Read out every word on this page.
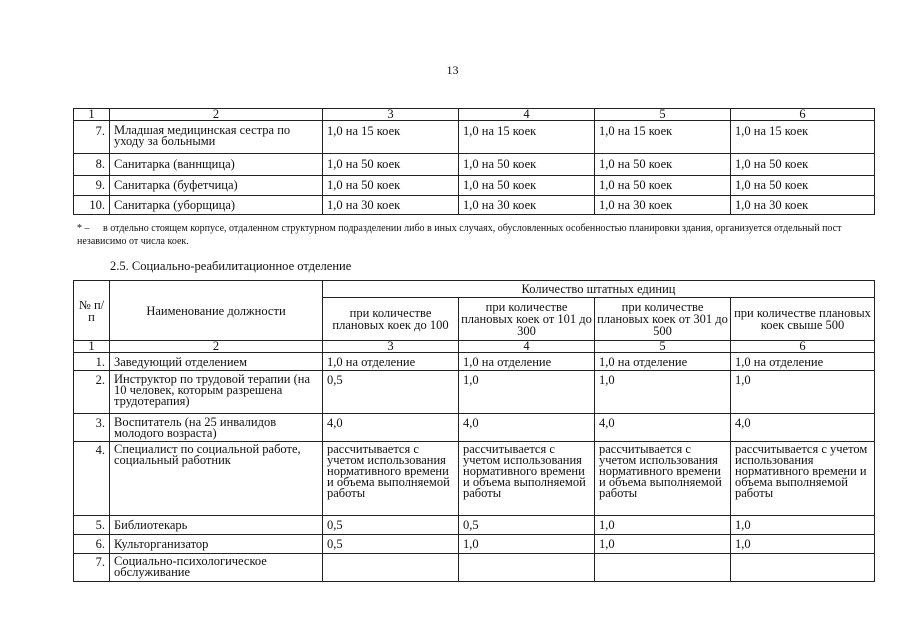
13
1	2	3	4	5	6
7.	Младшая медицинская сестра по уходу за больными	1,0 на 15 коек	1,0 на 15 коек	1,0 на 15 коек	1,0 на 15 коек
8.	Санитарка (ваннщица)	1,0 на 50 коек	1,0 на 50 коек	1,0 на 50 коек	1,0 на 50 коек
9.	Санитарка (буфетчица)	1,0 на 50 коек	1,0 на 50 коек	1,0 на 50 коек	1,0 на 50 коек
10.	Санитарка (уборщица)	1,0 на 30 коек	1,0 на 30 коек	1,0 на 30 коек	1,0 на 30 коек
* – в отдельно стоящем корпусе, отдаленном структурном подразделении либо в иных случаях, обусловленных особенностью планировки здания, организуется отдельный пост независимо от числа коек.
2.5. Социально-реабилитационное отделение
№ п/п	Наименование должности	Количество штатных единиц			
		при количестве плановых коек до 100	при количестве плановых коек от 101 до 300	при количестве плановых коек от 301 до 500	при количестве плановых коек свыше 500
1	2	3	4	5	6
1.	Заведующий отделением	1,0 на отделение	1,0 на отделение	1,0 на отделение	1,0 на отделение
2.	Инструктор по трудовой терапии (на 10 человек, которым разрешена трудотерапия)	0,5	1,0	1,0	1,0
3.	Воспитатель (на 25 инвалидов молодого возраста)	4,0	4,0	4,0	4,0
4.	Специалист по социальной работе, социальный работник	рассчитывается с учетом использования нормативного времени и объема выполняемой работы	рассчитывается с учетом использования нормативного времени и объема выполняемой работы	рассчитывается с учетом использования нормативного времени и объема выполняемой работы	рассчитывается с учетом использования нормативного времени и объема выполняемой работы
5.	Библиотекарь	0,5	0,5	1,0	1,0
6.	Культорганизатор	0,5	1,0	1,0	1,0
7.	Социально-психологическое обслуживание				
